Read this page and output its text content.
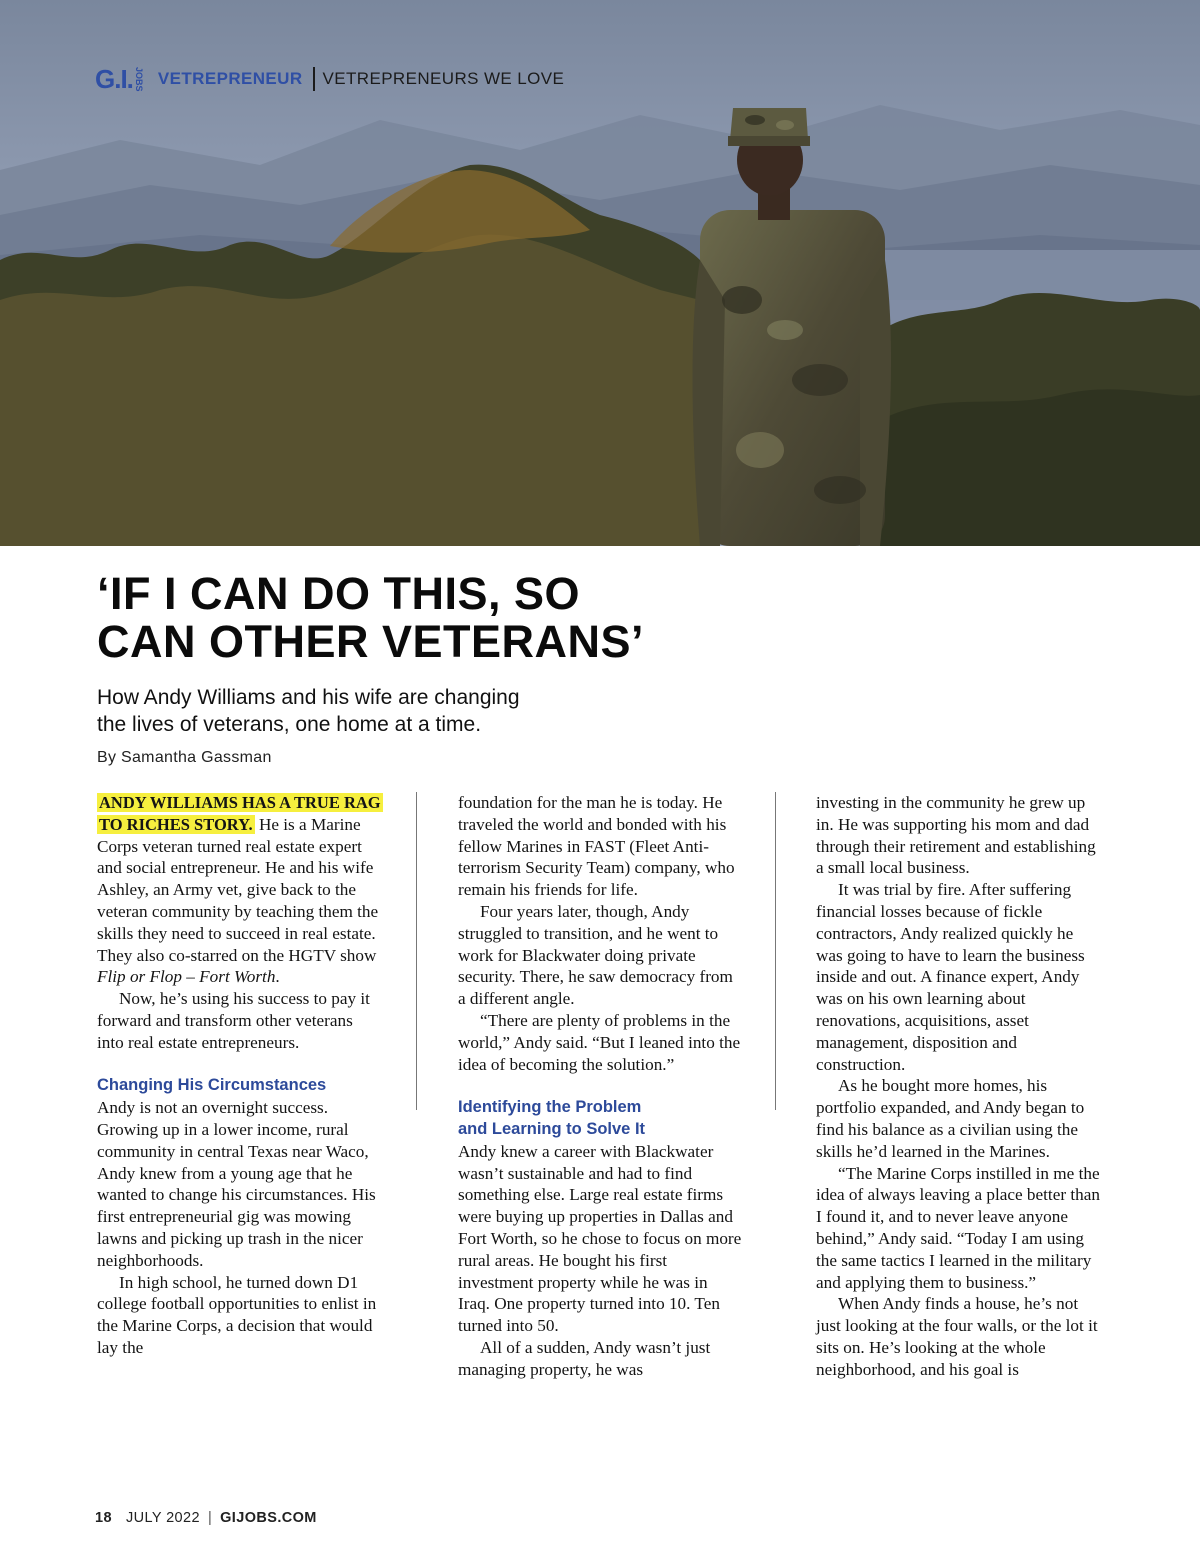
G.I. JOBS VETREPRENEUR VETREPRENEURS WE LOVE
‘IF I CAN DO THIS, SO
CAN OTHER VETERANS’

How Andy Williams and his wife are changing
the lives of veterans, one home at a time.

By Samantha Gassman

ANDY WILLIAMS HAS A TRUE RAG TO RICHES STORY. He is a Marine Corps veteran turned real estate expert and social entrepreneur. He and his wife Ashley, an Army vet, give back to the veteran community by teaching them the skills they need to succeed in real estate. They also co-starred on the HGTV show Flip or Flop – Fort Worth.

Now, he’s using his success to pay it forward and transform other veterans into real estate entrepreneurs.

Changing His Circumstances

Andy is not an overnight success. Growing up in a lower income, rural community in central Texas near Waco, Andy knew from a young age that he wanted to change his circumstances. His first entrepreneurial gig was mowing lawns and picking up trash in the nicer neighborhoods.

In high school, he turned down D1 college football opportunities to enlist in the Marine Corps, a decision that would lay the

foundation for the man he is today. He traveled the world and bonded with his fellow Marines in FAST (Fleet Anti-terrorism Security Team) company, who remain his friends for life.

Four years later, though, Andy struggled to transition, and he went to work for Blackwater doing private security. There, he saw democracy from a different angle.

“There are plenty of problems in the world,” Andy said. “But I leaned into the idea of becoming the solution.”

Identifying the Problem
and Learning to Solve It

Andy knew a career with Blackwater wasn’t sustainable and had to find something else. Large real estate firms were buying up properties in Dallas and Fort Worth, so he chose to focus on more rural areas. He bought his first investment property while he was in Iraq. One property turned into 10. Ten turned into 50.

All of a sudden, Andy wasn’t just managing property, he was

investing in the community he grew up in. He was supporting his mom and dad through their retirement and establishing a small local business.

It was trial by fire. After suffering financial losses because of fickle contractors, Andy realized quickly he was going to have to learn the business inside and out. A finance expert, Andy was on his own learning about renovations, acquisitions, asset management, disposition and construction.

As he bought more homes, his portfolio expanded, and Andy began to find his balance as a civilian using the skills he’d learned in the Marines.

“The Marine Corps instilled in me the idea of always leaving a place better than I found it, and to never leave anyone behind,” Andy said. “Today I am using the same tactics I learned in the military and applying them to business.”

When Andy finds a house, he’s not just looking at the four walls, or the lot it sits on. He’s looking at the whole neighborhood, and his goal is

18 JULY 2022 | GIJOBS.COM
